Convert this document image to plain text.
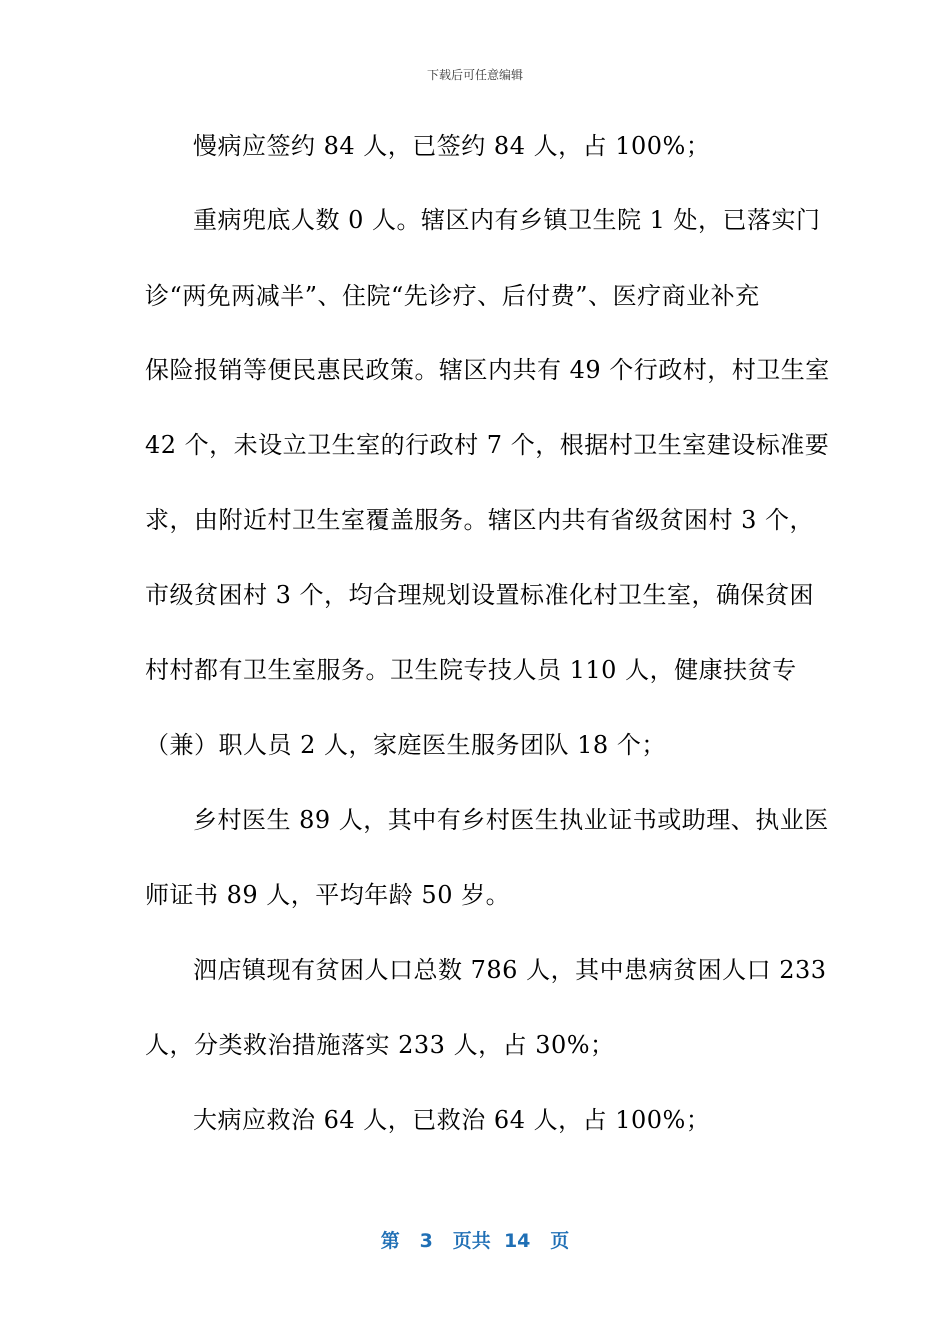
下载后可任意编辑
慢病应签约 84 人，已签约 84 人，占 100%；
重病兜底人数 0 人。辖区内有乡镇卫生院 1 处，已落实门
诊“两免两减半”、住院“先诊疗、后付费”、医疗商业补充
保险报销等便民惠民政策。辖区内共有 49 个行政村，村卫生室
42 个，未设立卫生室的行政村 7 个，根据村卫生室建设标准要
求，由附近村卫生室覆盖服务。辖区内共有省级贫困村 3 个，
市级贫困村 3 个，均合理规划设置标准化村卫生室，确保贫困
村村都有卫生室服务。卫生院专技人员 110 人，健康扶贫专
（兼）职人员 2 人，家庭医生服务团队 18 个；
乡村医生 89 人，其中有乡村医生执业证书或助理、执业医
师证书 89 人，平均年龄 50 岁。
泗店镇现有贫困人口总数 786 人，其中患病贫困人口 233
人，分类救治措施落实 233 人，占 30%；
大病应救治 64 人，已救治 64 人，占 100%；
第 3 页共 14 页
